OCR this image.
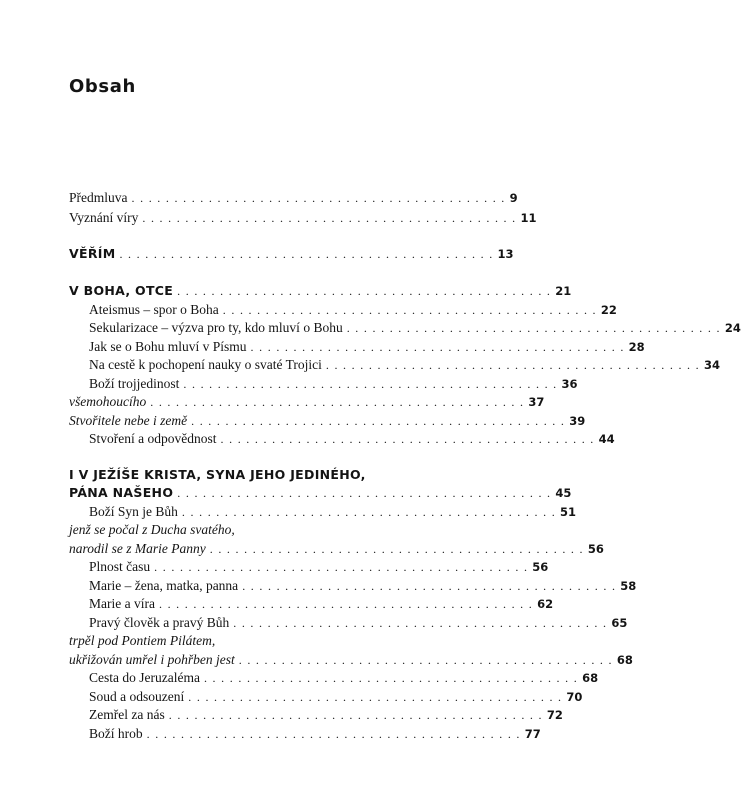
Obsah
Předmluva . . . . . . . . . . . . . . . . . . . . . . . . . . . . . . . . . . . . . . . . . . . . 9
Vyznání víry . . . . . . . . . . . . . . . . . . . . . . . . . . . . . . . . . . . . . . . . . . . . 11
VĚŘÍM . . . . . . . . . . . . . . . . . . . . . . . . . . . . . . . . . . . . . . . . . . . . 13
V BOHA, OTCE . . . . . . . . . . . . . . . . . . . . . . . . . . . . . . . . . . . . . . . . . . . . 21
Ateismus – spor o Boha . . . . . . . . . . . . . . . . . . . . . . . . . . . . . . . . . . . . . . . . . . . . 22
Sekularizace – výzva pro ty, kdo mluví o Bohu . . . . . . . . . . . . . . . . . . . . . . . . . . . . . . . . . . . . . . . . . . . . 24
Jak se o Bohu mluví v Písmu . . . . . . . . . . . . . . . . . . . . . . . . . . . . . . . . . . . . . . . . . . . . 28
Na cestě k pochopení nauky o svaté Trojici . . . . . . . . . . . . . . . . . . . . . . . . . . . . . . . . . . . . . . . . . . . . 34
Boží trojjedinost . . . . . . . . . . . . . . . . . . . . . . . . . . . . . . . . . . . . . . . . . . . . 36
všemohoucího . . . . . . . . . . . . . . . . . . . . . . . . . . . . . . . . . . . . . . . . . . . . 37
Stvořitele nebe i země . . . . . . . . . . . . . . . . . . . . . . . . . . . . . . . . . . . . . . . . . . . . 39
Stvoření a odpovědnost . . . . . . . . . . . . . . . . . . . . . . . . . . . . . . . . . . . . . . . . . . . . 44
I V JEŽÍŠE KRISTA, SYNA JEHO JEDINÉHO,
PÁNA NAŠEHO . . . . . . . . . . . . . . . . . . . . . . . . . . . . . . . . . . . . . . . . . . . . 45
Boží Syn je Bůh . . . . . . . . . . . . . . . . . . . . . . . . . . . . . . . . . . . . . . . . . . . . 51
jenž se počal z Ducha svatého,
narodil se z Marie Panny . . . . . . . . . . . . . . . . . . . . . . . . . . . . . . . . . . . . . . . . . . . . 56
Plnost času . . . . . . . . . . . . . . . . . . . . . . . . . . . . . . . . . . . . . . . . . . . . 56
Marie – žena, matka, panna . . . . . . . . . . . . . . . . . . . . . . . . . . . . . . . . . . . . . . . . . . . . 58
Marie a víra . . . . . . . . . . . . . . . . . . . . . . . . . . . . . . . . . . . . . . . . . . . . 62
Pravý člověk a pravý Bůh . . . . . . . . . . . . . . . . . . . . . . . . . . . . . . . . . . . . . . . . . . . . 65
trpěl pod Pontiem Pilátem,
ukřižován umřel i pohřben jest . . . . . . . . . . . . . . . . . . . . . . . . . . . . . . . . . . . . . . . . . . . . 68
Cesta do Jeruzaléma . . . . . . . . . . . . . . . . . . . . . . . . . . . . . . . . . . . . . . . . . . . . 68
Soud a odsouzení . . . . . . . . . . . . . . . . . . . . . . . . . . . . . . . . . . . . . . . . . . . . 70
Zemřel za nás . . . . . . . . . . . . . . . . . . . . . . . . . . . . . . . . . . . . . . . . . . . . 72
Boží hrob . . . . . . . . . . . . . . . . . . . . . . . . . . . . . . . . . . . . . . . . . . . . 77
